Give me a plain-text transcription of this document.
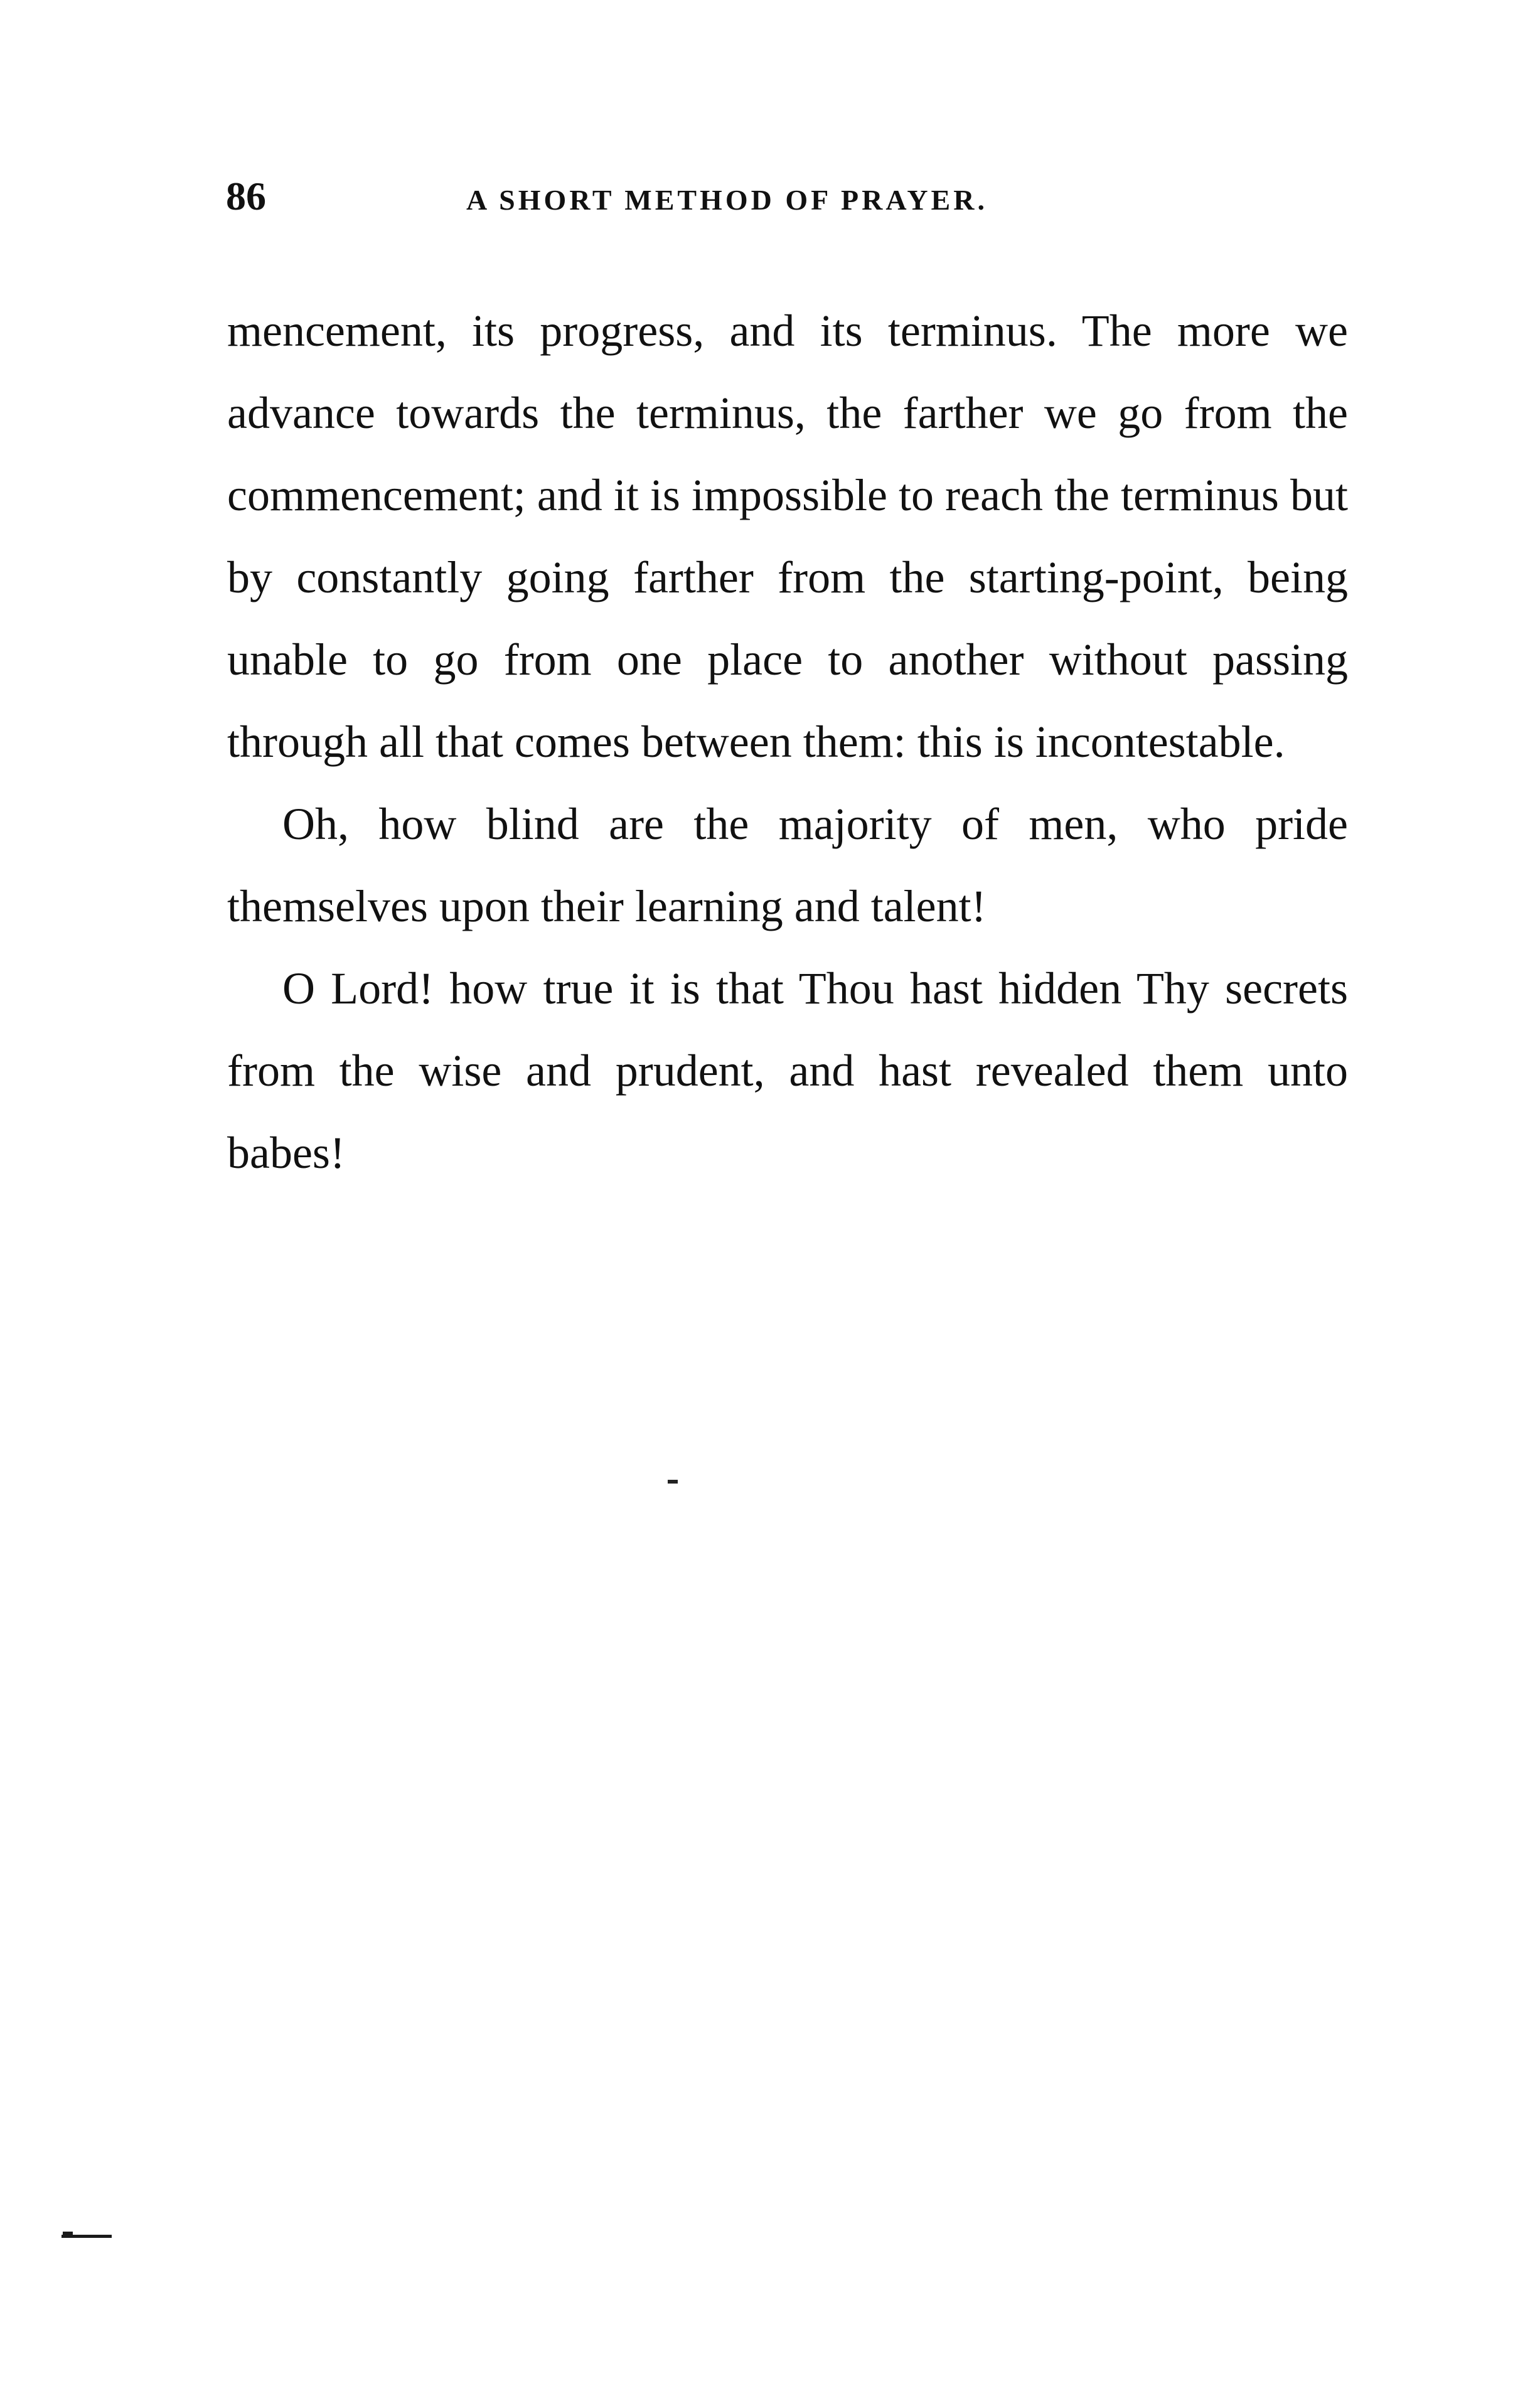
86	A SHORT METHOD OF PRAYER.

mencement, its progress, and its terminus. The more we advance towards the terminus, the farther we go from the commencement; and it is impossible to reach the terminus but by constantly going farther from the starting-point, being unable to go from one place to another without passing through all that comes between them: this is incontestable.

Oh, how blind are the majority of men, who pride themselves upon their learning and talent!

O Lord! how true it is that Thou hast hidden Thy secrets from the wise and prudent, and hast revealed them unto babes!
